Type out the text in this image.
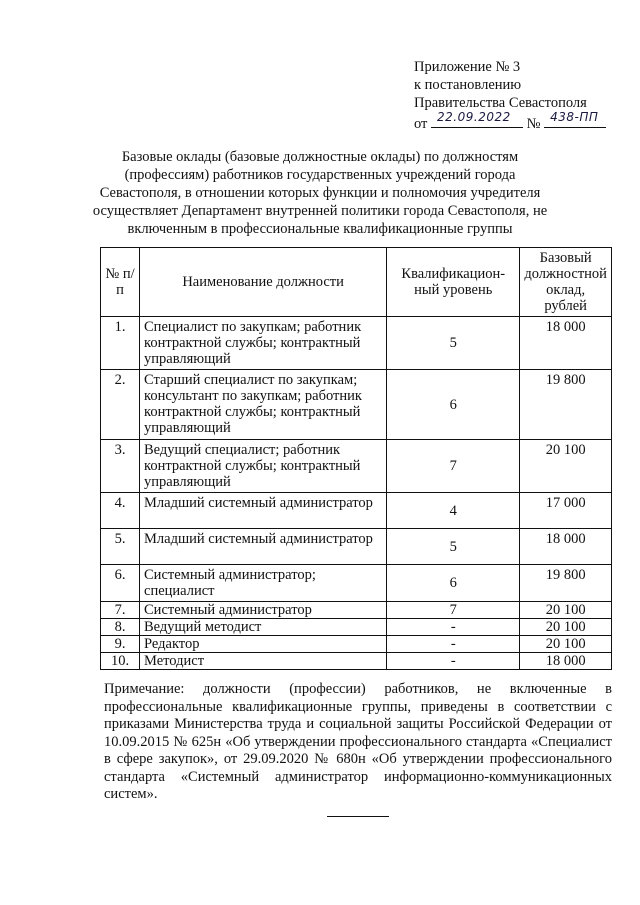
Приложение № 3
к постановлению
Правительства Севастополя
от 22.09.2022 № 438-ПП
Базовые оклады (базовые должностные оклады) по должностям (профессиям) работников государственных учреждений города Севастополя, в отношении которых функции и полномочия учредителя осуществляет Департамент внутренней политики города Севастополя, не включенным в профессиональные квалификационные группы
№ п/п	Наименование должности	Квалификацион-ный уровень	Базовый должностной оклад, рублей
1.	Специалист по закупкам; работник контрактной службы; контрактный управляющий	5	18 000
2.	Старший специалист по закупкам; консультант по закупкам; работник контрактной службы; контрактный управляющий	6	19 800
3.	Ведущий специалист; работник контрактной службы; контрактный управляющий	7	20 100
4.	Младший системный администратор	4	17 000
5.	Младший системный администратор	5	18 000
6.	Системный администратор; специалист	6	19 800
7.	Системный администратор	7	20 100
8.	Ведущий методист	-	20 100
9.	Редактор	-	20 100
10.	Методист	-	18 000
Примечание: должности (профессии) работников, не включенные в профессиональные квалификационные группы, приведены в соответствии с приказами Министерства труда и социальной защиты Российской Федерации от 10.09.2015 № 625н «Об утверждении профессионального стандарта «Специалист в сфере закупок», от 29.09.2020 № 680н «Об утверждении профессионального стандарта «Системный администратор информационно-коммуникационных систем».
